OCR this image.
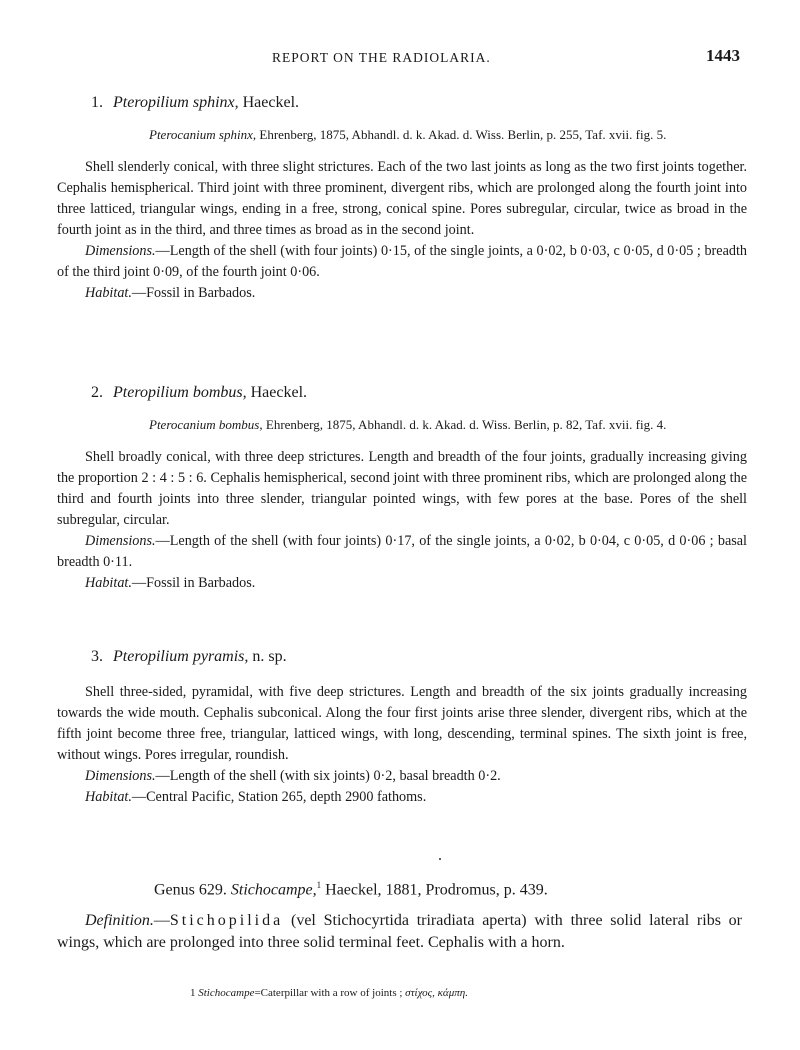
REPORT ON THE RADIOLARIA.	1443
1. Pteropilium sphinx, Haeckel.
Pterocanium sphinx, Ehrenberg, 1875, Abhandl. d. k. Akad. d. Wiss. Berlin, p. 255, Taf. xvii. fig. 5.
Shell slenderly conical, with three slight strictures. Each of the two last joints as long as the two first joints together. Cephalis hemispherical. Third joint with three prominent, divergent ribs, which are prolonged along the fourth joint into three latticed, triangular wings, ending in a free, strong, conical spine. Pores subregular, circular, twice as broad in the fourth joint as in the third, and three times as broad as in the second joint.
Dimensions.—Length of the shell (with four joints) 0·15, of the single joints, a 0·02, b 0·03, c 0·05, d 0·05 ; breadth of the third joint 0·09, of the fourth joint 0·06.
Habitat.—Fossil in Barbados.
2. Pteropilium bombus, Haeckel.
Pterocanium bombus, Ehrenberg, 1875, Abhandl. d. k. Akad. d. Wiss. Berlin, p. 82, Taf. xvii. fig. 4.
Shell broadly conical, with three deep strictures. Length and breadth of the four joints, gradually increasing giving the proportion 2 : 4 : 5 : 6. Cephalis hemispherical, second joint with three prominent ribs, which are prolonged along the third and fourth joints into three slender, triangular pointed wings, with few pores at the base. Pores of the shell subregular, circular.
Dimensions.—Length of the shell (with four joints) 0·17, of the single joints, a 0·02, b 0·04, c 0·05, d 0·06 ; basal breadth 0·11.
Habitat.—Fossil in Barbados.
3. Pteropilium pyramis, n. sp.
Shell three-sided, pyramidal, with five deep strictures. Length and breadth of the six joints gradually increasing towards the wide mouth. Cephalis subconical. Along the four first joints arise three slender, divergent ribs, which at the fifth joint become three free, triangular, latticed wings, with long, descending, terminal spines. The sixth joint is free, without wings. Pores irregular, roundish.
Dimensions.—Length of the shell (with six joints) 0·2, basal breadth 0·2.
Habitat.—Central Pacific, Station 265, depth 2900 fathoms.
Genus 629. Stichocampe,$^1$ Haeckel, 1881, Prodromus, p. 439.
Definition.—Stichopilida (vel Stichocyrtida triradiata aperta) with three solid lateral ribs or wings, which are prolonged into three solid terminal feet. Cephalis with a horn.
1 Stichocampe=Caterpillar with a row of joints ; στίχος, κάμπη.
